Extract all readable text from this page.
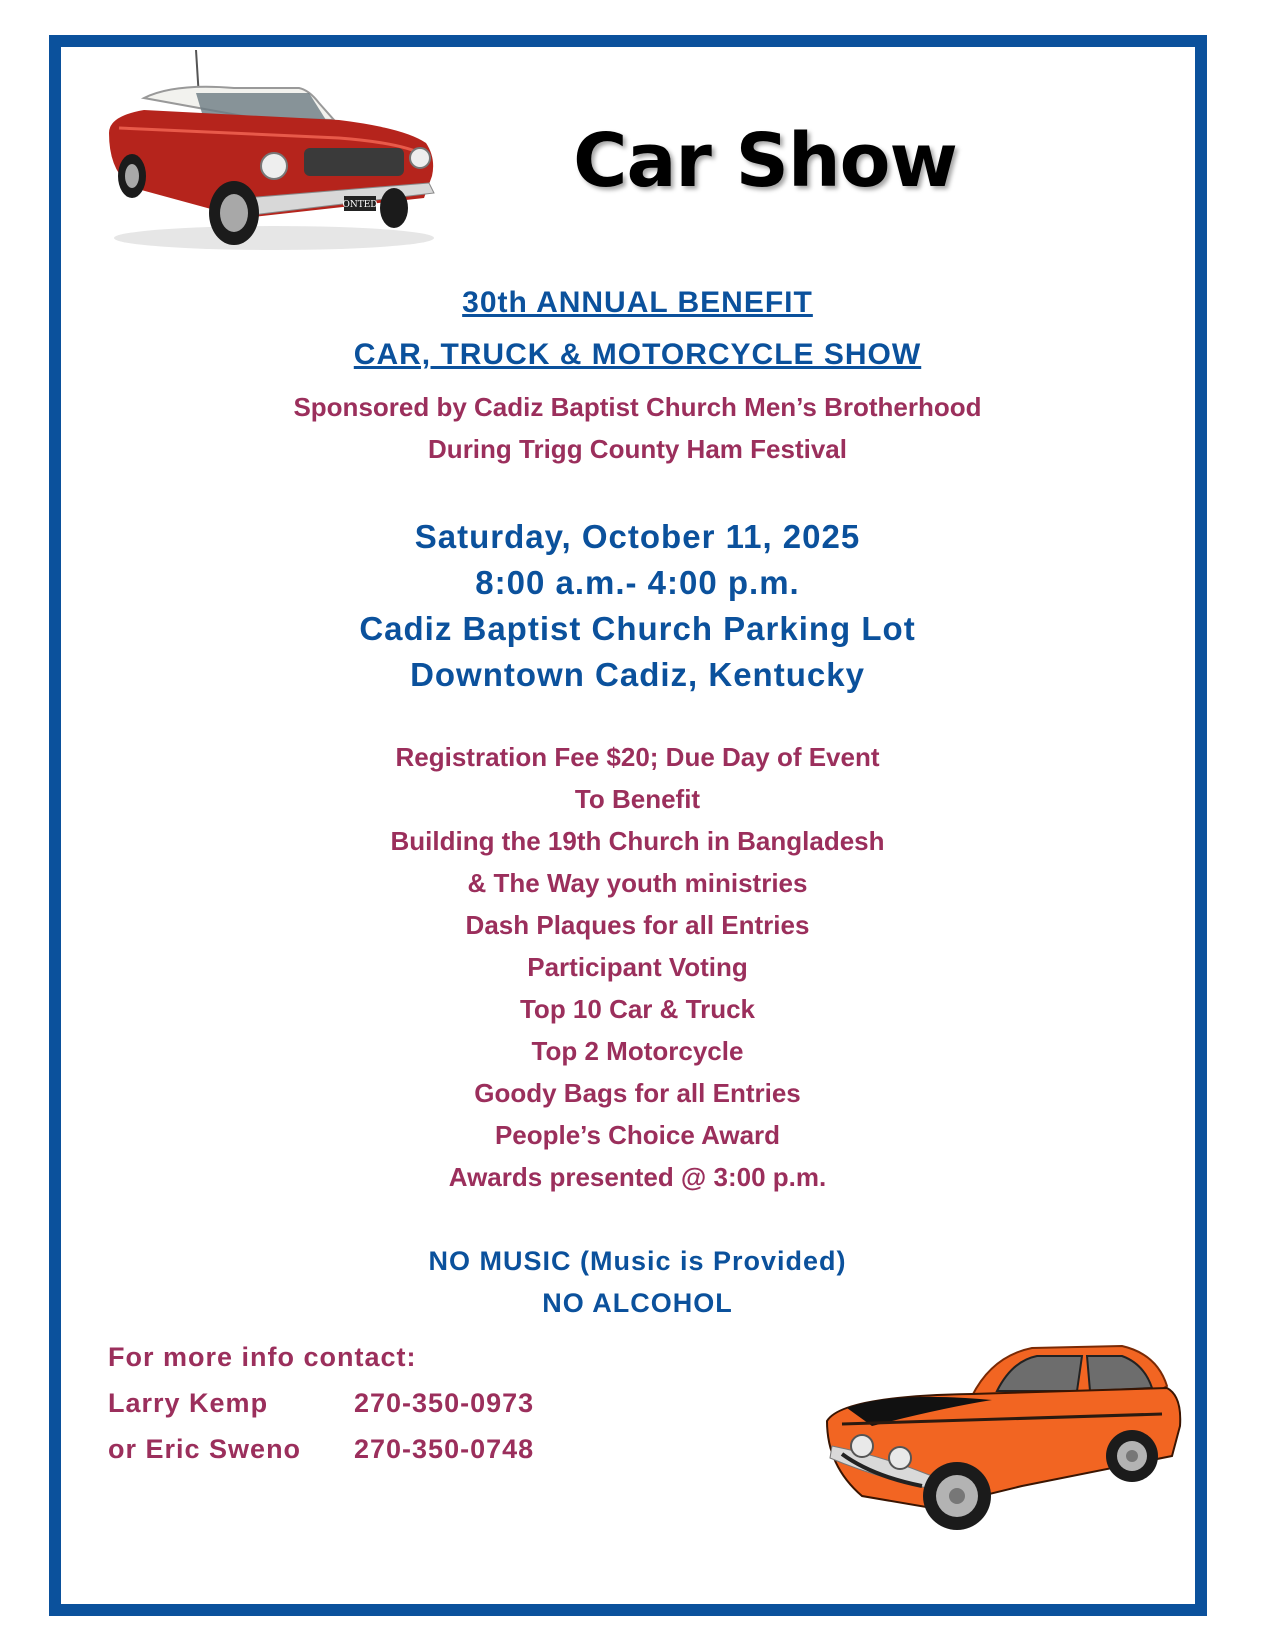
ONTED
Car Show
30th ANNUAL BENEFIT
CAR, TRUCK & MOTORCYCLE SHOW
Sponsored by Cadiz Baptist Church Men’s Brotherhood
During Trigg County Ham Festival
Saturday, October 11, 2025
8:00 a.m.- 4:00 p.m.
Cadiz Baptist Church Parking Lot
Downtown Cadiz, Kentucky
Registration Fee $20; Due Day of Event
To Benefit
Building the 19th Church in Bangladesh
& The Way youth ministries
Dash Plaques for all Entries
Participant Voting
Top 10 Car & Truck
Top 2 Motorcycle
Goody Bags for all Entries
People’s Choice Award
Awards presented @ 3:00 p.m.
NO MUSIC (Music is Provided)
NO ALCOHOL
For more info contact:
Larry Kemp	270-350-0973
or Eric Sweno 270-350-0748
